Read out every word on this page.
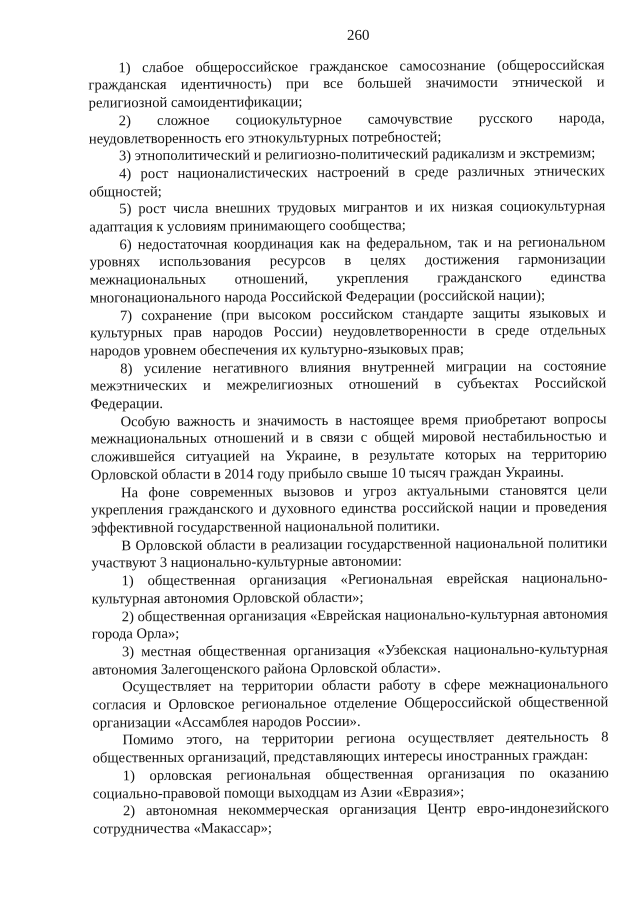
260

1) слабое общероссийское гражданское самосознание (общероссийская гражданская идентичность) при все большей значимости этнической и религиозной самоидентификации;

2) сложное социокультурное самочувствие русского народа, неудовлетворенность его этнокультурных потребностей;

3) этнополитический и религиозно-политический радикализм и экстремизм;

4) рост националистических настроений в среде различных этнических общностей;

5) рост числа внешних трудовых мигрантов и их низкая социокультурная адаптация к условиям принимающего сообщества;

6) недостаточная координация как на федеральном, так и на региональном уровнях использования ресурсов в целях достижения гармонизации межнациональных отношений, укрепления гражданского единства многонационального народа Российской Федерации (российской нации);

7) сохранение (при высоком российском стандарте защиты языковых и культурных прав народов России) неудовлетворенности в среде отдельных народов уровнем обеспечения их культурно-языковых прав;

8) усиление негативного влияния внутренней миграции на состояние межэтнических и межрелигиозных отношений в субъектах Российской Федерации.

Особую важность и значимость в настоящее время приобретают вопросы межнациональных отношений и в связи с общей мировой нестабильностью и сложившейся ситуацией на Украине, в результате которых на территорию Орловской области в 2014 году прибыло свыше 10 тысяч граждан Украины.

На фоне современных вызовов и угроз актуальными становятся цели укрепления гражданского и духовного единства российской нации и проведения эффективной государственной национальной политики.

В Орловской области в реализации государственной национальной политики участвуют 3 национально-культурные автономии:

1) общественная организация «Региональная еврейская национально-культурная автономия Орловской области»;

2) общественная организация «Еврейская национально-культурная автономия города Орла»;

3) местная общественная организация «Узбекская национально-культурная автономия Залегощенского района Орловской области».

Осуществляет на территории области работу в сфере межнационального согласия и Орловское региональное отделение Общероссийской общественной организации «Ассамблея народов России».

Помимо этого, на территории региона осуществляет деятельность 8 общественных организаций, представляющих интересы иностранных граждан:

1) орловская региональная общественная организация по оказанию социально-правовой помощи выходцам из Азии «Евразия»;

2) автономная некоммерческая организация Центр евро-индонезийского сотрудничества «Макассар»;
